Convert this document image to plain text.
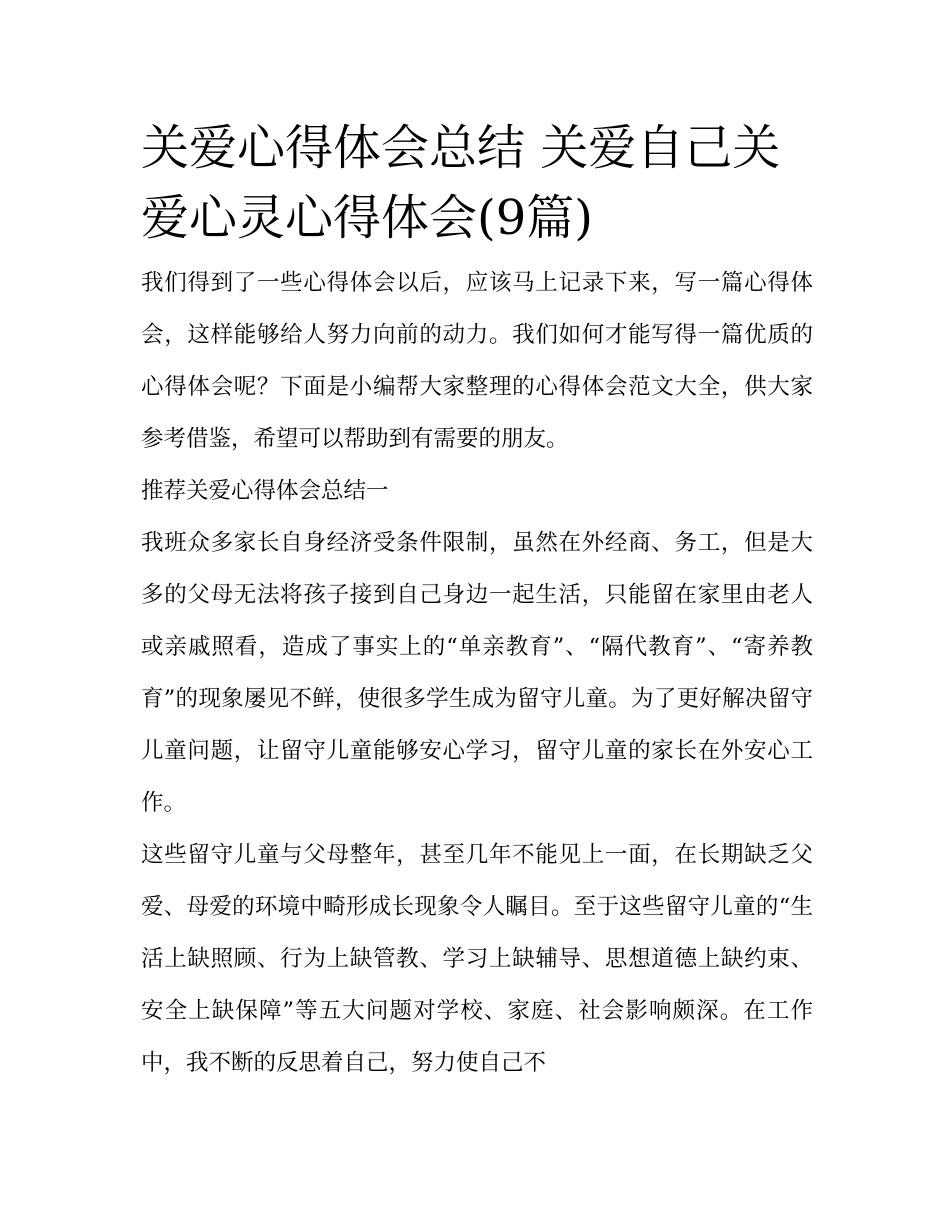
关爱心得体会总结 关爱自己关爱心灵心得体会(9篇)

我们得到了一些心得体会以后，应该马上记录下来，写一篇心得体会，这样能够给人努力向前的动力。我们如何才能写得一篇优质的心得体会呢？下面是小编帮大家整理的心得体会范文大全，供大家参考借鉴，希望可以帮助到有需要的朋友。

推荐关爱心得体会总结一

我班众多家长自身经济受条件限制，虽然在外经商、务工，但是大多的父母无法将孩子接到自己身边一起生活，只能留在家里由老人或亲戚照看，造成了事实上的“单亲教育”、“隔代教育”、“寄养教育”的现象屡见不鲜，使很多学生成为留守儿童。为了更好解决留守儿童问题，让留守儿童能够安心学习，留守儿童的家长在外安心工作。

这些留守儿童与父母整年，甚至几年不能见上一面，在长期缺乏父爱、母爱的环境中畸形成长现象令人瞩目。至于这些留守儿童的“生活上缺照顾、行为上缺管教、学习上缺辅导、思想道德上缺约束、安全上缺保障”等五大问题对学校、家庭、社会影响颇深。在工作中，我不断的反思着自己，努力使自己不
